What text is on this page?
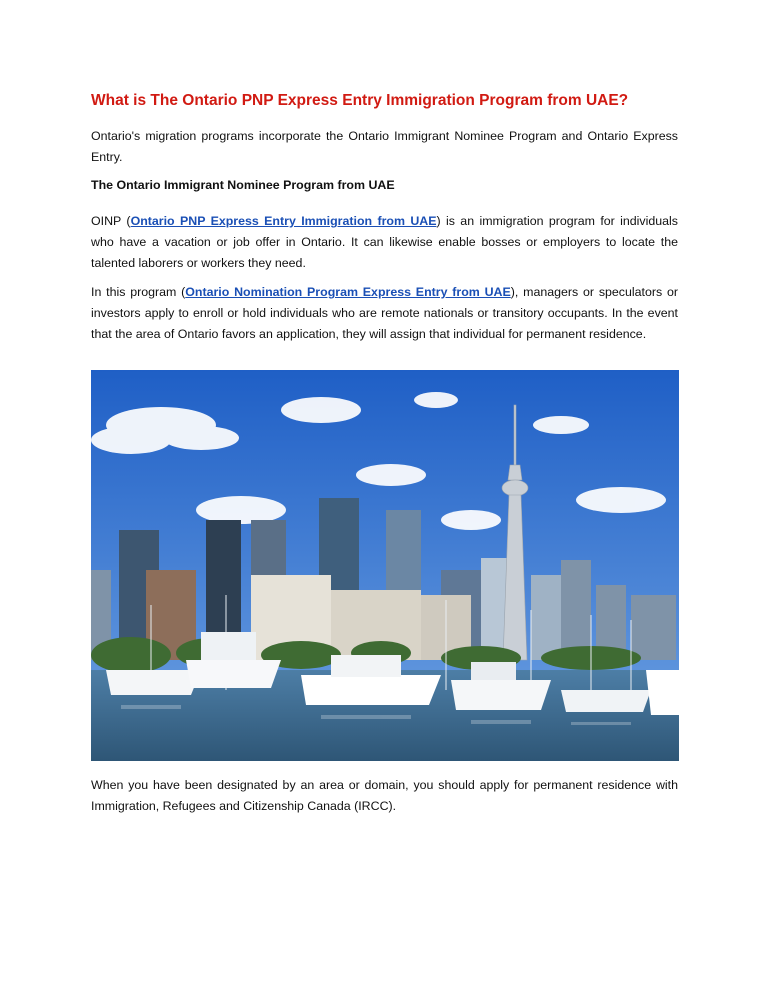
What is The Ontario PNP Express Entry Immigration Program from UAE?

Ontario's migration programs incorporate the Ontario Immigrant Nominee Program and Ontario Express Entry.

The Ontario Immigrant Nominee Program from UAE

OINP (Ontario PNP Express Entry Immigration from UAE) is an immigration program for individuals who have a vacation or job offer in Ontario. It can likewise enable bosses or employers to locate the talented laborers or workers they need.

In this program (Ontario Nomination Program Express Entry from UAE), managers or speculators or investors apply to enroll or hold individuals who are remote nationals or transitory occupants. In the event that the area of Ontario favors an application, they will assign that individual for permanent residence.

When you have been designated by an area or domain, you should apply for permanent residence with Immigration, Refugees and Citizenship Canada (IRCC).
